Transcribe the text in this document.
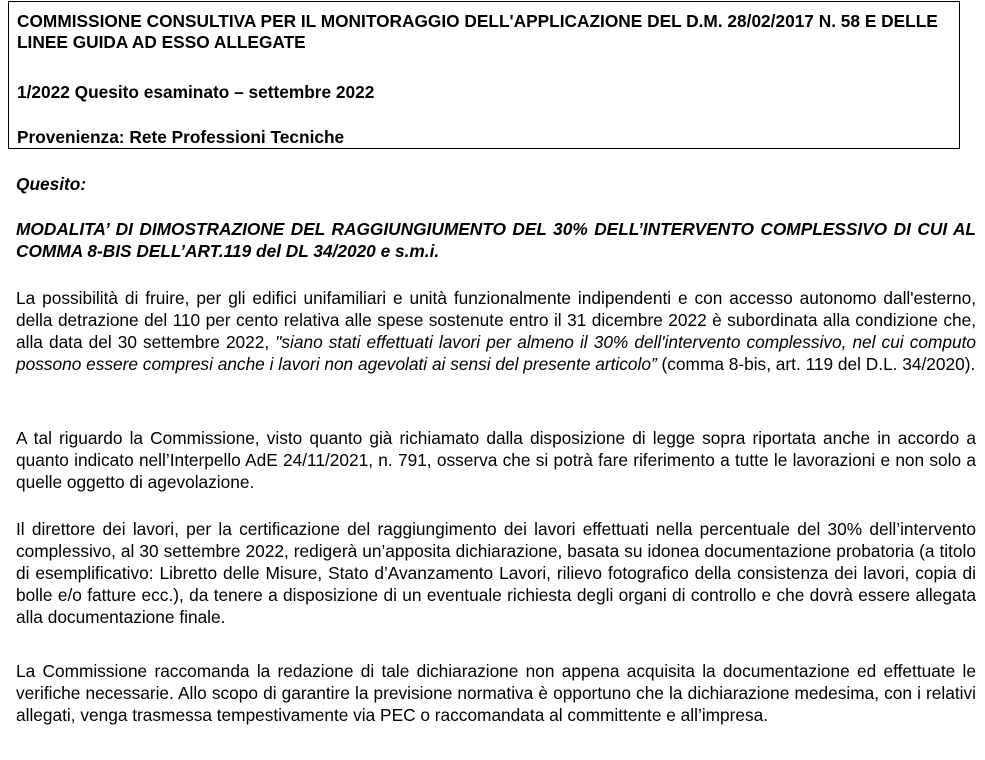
COMMISSIONE CONSULTIVA PER IL MONITORAGGIO DELL'APPLICAZIONE DEL D.M. 28/02/2017 N. 58 E DELLE LINEE GUIDA AD ESSO ALLEGATE

1/2022 Quesito esaminato – settembre 2022

Provenienza: Rete Professioni Tecniche

Quesito:

MODALITA’ DI DIMOSTRAZIONE DEL RAGGIUNGIUMENTO DEL 30% DELL’INTERVENTO COMPLESSIVO DI CUI AL COMMA 8-BIS DELL’ART.119 del DL 34/2020 e s.m.i.

La possibilità di fruire, per gli edifici unifamiliari e unità funzionalmente indipendenti e con accesso autonomo dall'esterno, della detrazione del 110 per cento relativa alle spese sostenute entro il 31 dicembre 2022 è subordinata alla condizione che, alla data del 30 settembre 2022, "siano stati effettuati lavori per almeno il 30% dell'intervento complessivo, nel cui computo possono essere compresi anche i lavori non agevolati ai sensi del presente articolo” (comma 8-bis, art. 119 del D.L. 34/2020).

A tal riguardo la Commissione, visto quanto già richiamato dalla disposizione di legge sopra riportata anche in accordo a quanto indicato nell’Interpello AdE 24/11/2021, n. 791, osserva che si potrà fare riferimento a tutte le lavorazioni e non solo a quelle oggetto di agevolazione.

Il direttore dei lavori, per la certificazione del raggiungimento dei lavori effettuati nella percentuale del 30% dell’intervento complessivo, al 30 settembre 2022, redigerà un’apposita dichiarazione, basata su idonea documentazione probatoria (a titolo di esemplificativo: Libretto delle Misure, Stato d’Avanzamento Lavori, rilievo fotografico della consistenza dei lavori, copia di bolle e/o fatture ecc.), da tenere a disposizione di un eventuale richiesta degli organi di controllo e che dovrà essere allegata alla documentazione finale.

La Commissione raccomanda la redazione di tale dichiarazione non appena acquisita la documentazione ed effettuate le verifiche necessarie. Allo scopo di garantire la previsione normativa è opportuno che la dichiarazione medesima, con i relativi allegati, venga trasmessa tempestivamente via PEC o raccomandata al committente e all’impresa.
